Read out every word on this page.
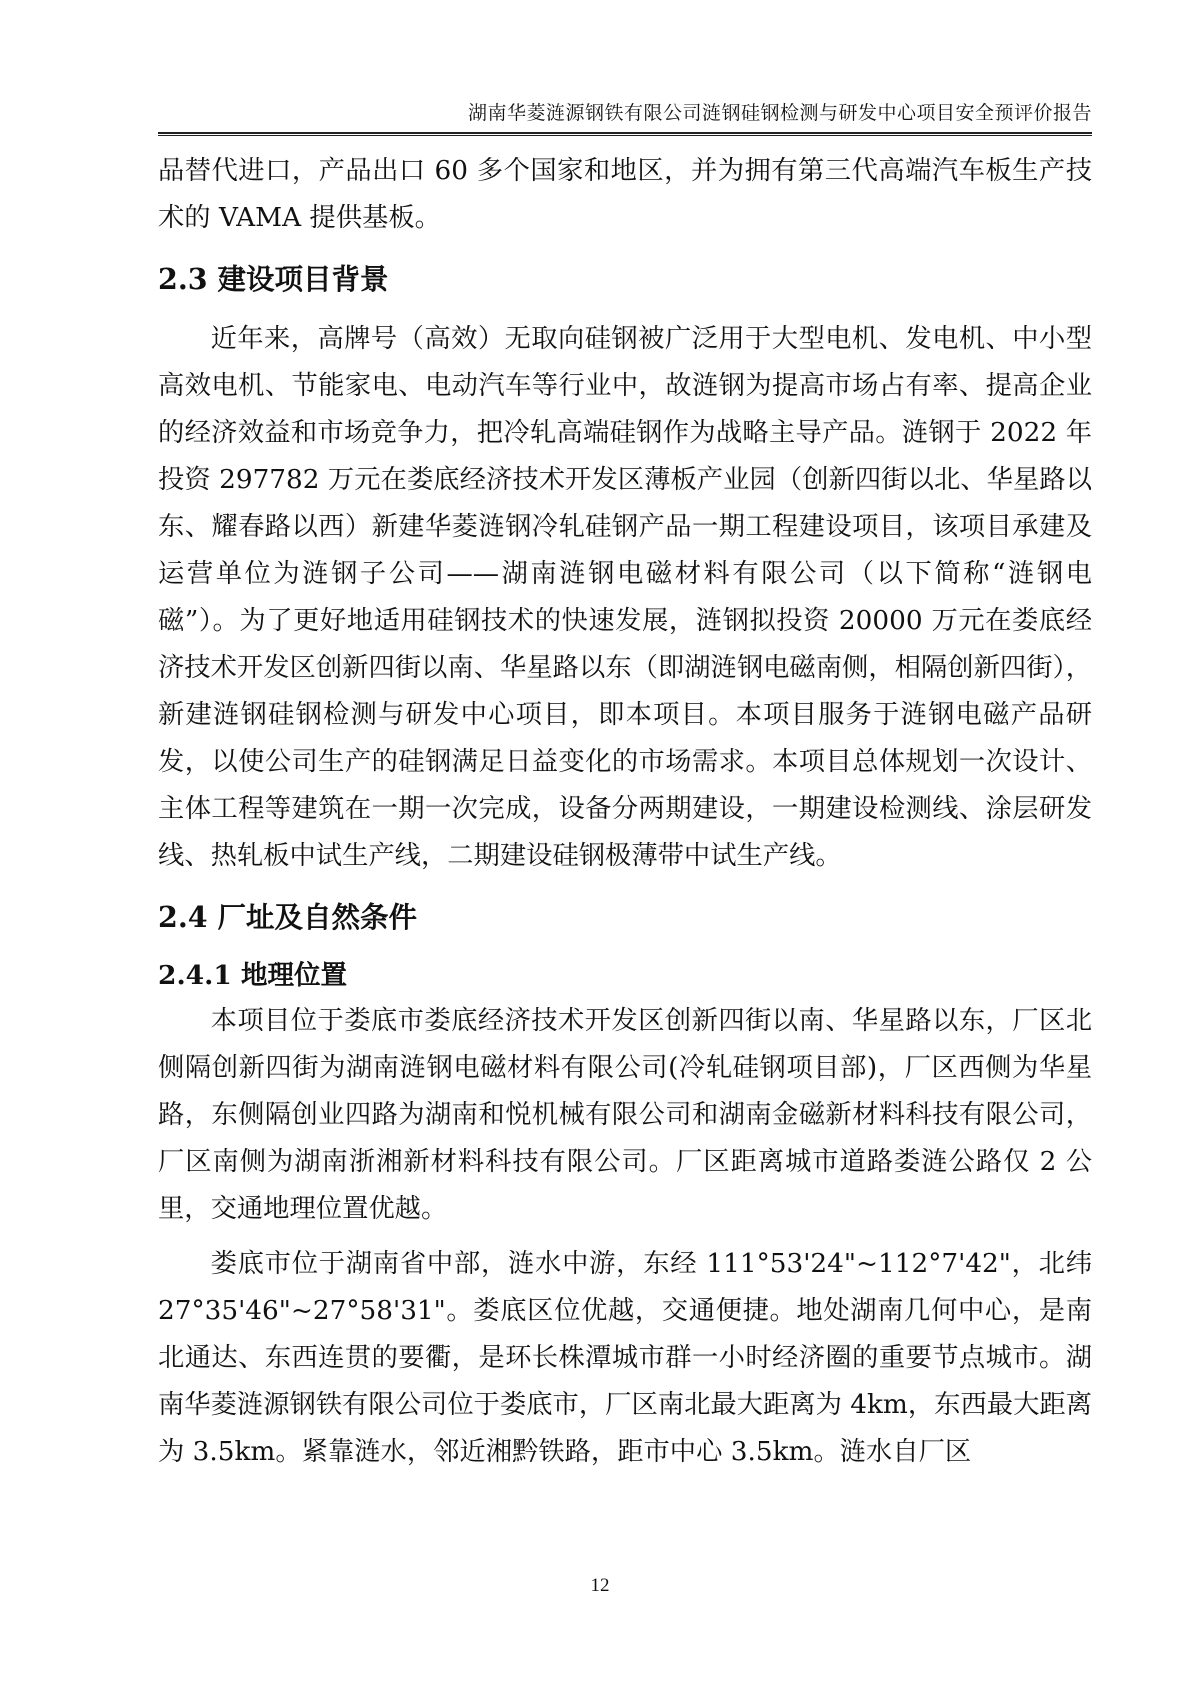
湖南华菱涟源钢铁有限公司涟钢硅钢检测与研发中心项目安全预评价报告

品替代进口，产品出口 60 多个国家和地区，并为拥有第三代高端汽车板生产技术的 VAMA 提供基板。

2.3 建设项目背景

近年来，高牌号（高效）无取向硅钢被广泛用于大型电机、发电机、中小型高效电机、节能家电、电动汽车等行业中，故涟钢为提高市场占有率、提高企业的经济效益和市场竞争力，把冷轧高端硅钢作为战略主导产品。涟钢于 2022 年投资 297782 万元在娄底经济技术开发区薄板产业园（创新四街以北、华星路以东、耀春路以西）新建华菱涟钢冷轧硅钢产品一期工程建设项目，该项目承建及运营单位为涟钢子公司——湖南涟钢电磁材料有限公司（以下简称“涟钢电磁”）。为了更好地适用硅钢技术的快速发展，涟钢拟投资 20000 万元在娄底经济技术开发区创新四街以南、华星路以东（即湖涟钢电磁南侧，相隔创新四街），新建涟钢硅钢检测与研发中心项目，即本项目。本项目服务于涟钢电磁产品研发，以使公司生产的硅钢满足日益变化的市场需求。本项目总体规划一次设计、主体工程等建筑在一期一次完成，设备分两期建设，一期建设检测线、涂层研发线、热轧板中试生产线，二期建设硅钢极薄带中试生产线。

2.4 厂址及自然条件
2.4.1 地理位置

本项目位于娄底市娄底经济技术开发区创新四街以南、华星路以东，厂区北侧隔创新四街为湖南涟钢电磁材料有限公司(冷轧硅钢项目部)，厂区西侧为华星路，东侧隔创业四路为湖南和悦机械有限公司和湖南金磁新材料科技有限公司，厂区南侧为湖南浙湘新材料科技有限公司。厂区距离城市道路娄涟公路仅 2 公里，交通地理位置优越。

娄底市位于湖南省中部，涟水中游，东经 111°53'24"~112°7'42"，北纬 27°35'46"~27°58'31"。娄底区位优越，交通便捷。地处湖南几何中心，是南北通达、东西连贯的要衢，是环长株潭城市群一小时经济圈的重要节点城市。湖南华菱涟源钢铁有限公司位于娄底市，厂区南北最大距离为 4km，东西最大距离为 3.5km。紧靠涟水，邻近湘黔铁路，距市中心 3.5km。涟水自厂区

12
